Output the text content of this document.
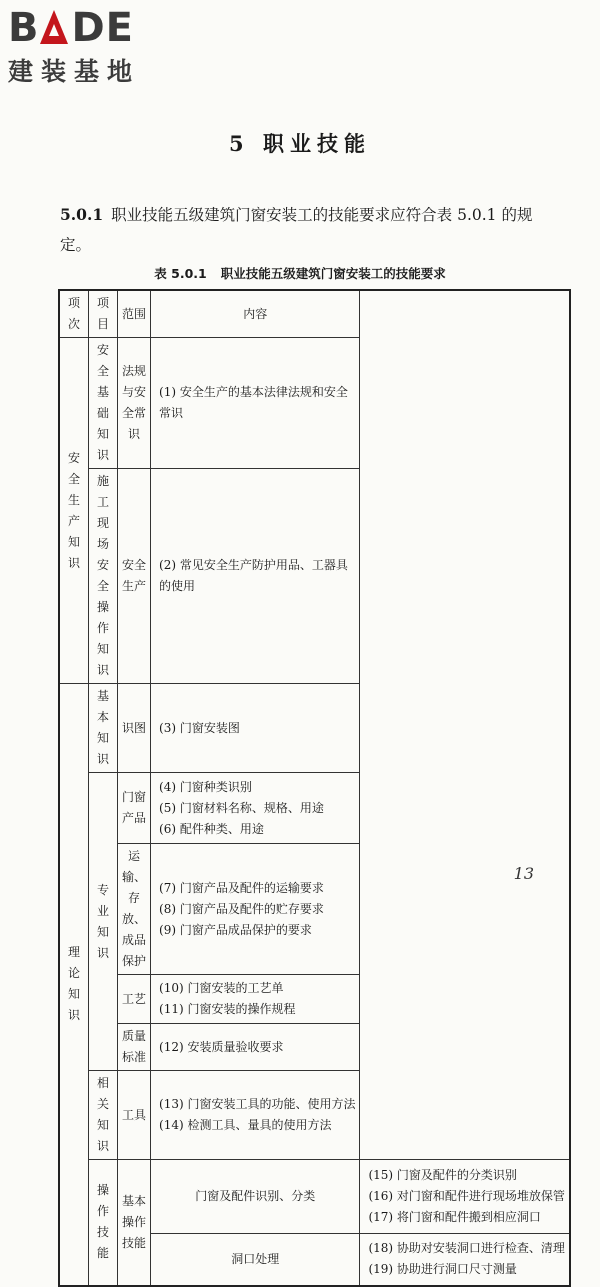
B DE
建装基地
5 职业技能
5.0.1 职业技能五级建筑门窗安装工的技能要求应符合表 5.0.1 的规定。
表 5.0.1 职业技能五级建筑门窗安装工的技能要求
项次	项目	范围	内容	
安全生产知识	安全基础知识	法规与安全常识	(1) 安全生产的基本法律法规和安全常识	

	施工现场安全操作知识	安全生产	(2) 常见安全生产防护用品、工器具的使用	

理论知识	基本知识	识图	(3) 门窗安装图	

	专业知识	门窗产品	(4) 门窗种类识别
(5) 门窗材料名称、规格、用途
(6) 配件种类、用途	

		运输、存放、成品保护	(7) 门窗产品及配件的运输要求
(8) 门窗产品及配件的贮存要求
(9) 门窗产品成品保护的要求	

		工艺	(10) 门窗安装的工艺单
(11) 门窗安装的操作规程	

		质量标准	(12) 安装质量验收要求	

	相关知识	工具	(13) 门窗安装工具的功能、使用方法
(14) 检测工具、量具的使用方法	

	操作技能	基本操作技能	门窗及配件识别、分类	(15) 门窗及配件的分类识别
(16) 对门窗和配件进行现场堆放保管
(17) 将门窗和配件搬到相应洞口

			洞口处理	(18) 协助对安装洞口进行检查、清理
(19) 协助进行洞口尺寸测量
13
